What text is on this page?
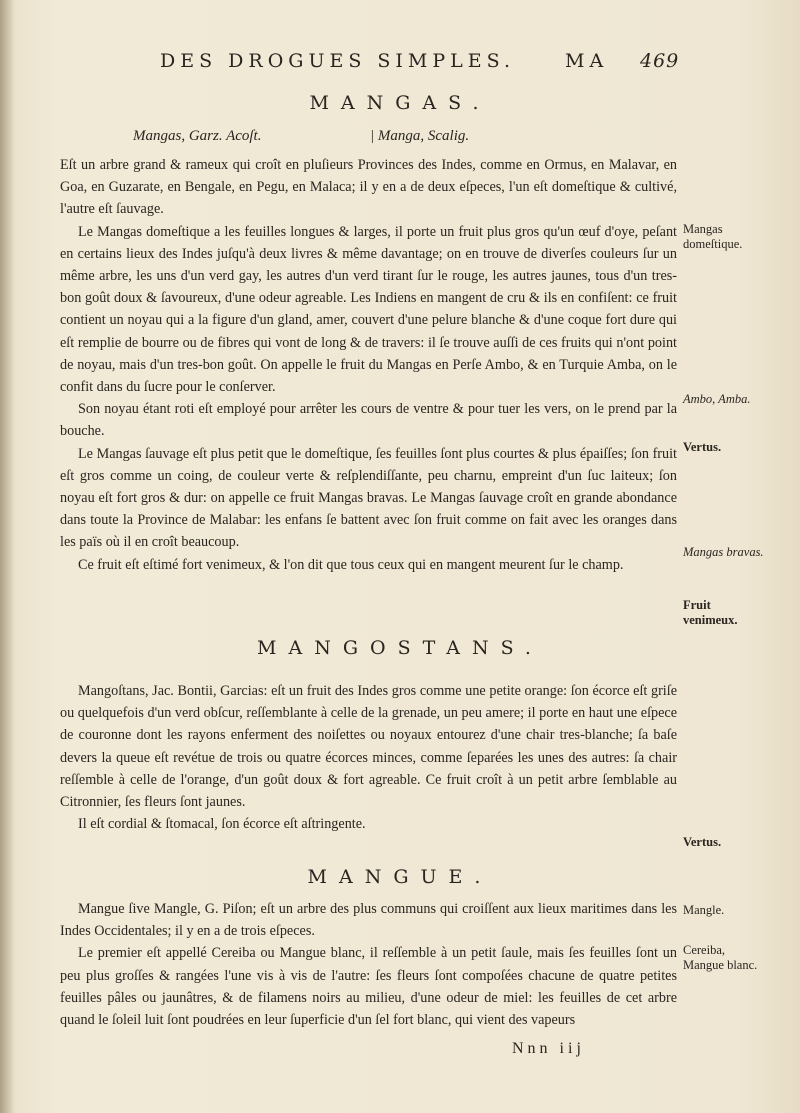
DES DROGUES SIMPLES.	MA 469
MANGAS.
Mangas, Garz. Acoſt.	| Manga, Scalig.

Eſt un arbre grand & rameux qui croît en pluſieurs Provinces des Indes, comme en Ormus, en Malavar, en Goa, en Guzarate, en Bengale, en Pegu, en Malaca; il y en a de deux eſpeces, l'un eſt domeſtique & cultivé, l'autre eſt ſauvage.

Le Mangas domeſtique a les feuilles longues & larges, il porte un fruit plus gros qu'un œuf d'oye, peſant en certains lieux des Indes juſqu'à deux livres & même davantage; on en trouve de diverſes couleurs ſur un même arbre, les uns d'un verd gay, les autres d'un verd tirant ſur le rouge, les autres jaunes, tous d'un tres-bon goût doux & ſavoureux, d'une odeur agreable. Les Indiens en mangent de cru & ils en confiſent: ce fruit contient un noyau qui a la figure d'un gland, amer, couvert d'une pelure blanche & d'une coque fort dure qui eſt remplie de bourre ou de fibres qui vont de long & de travers: il ſe trouve auſſi de ces fruits qui n'ont point de noyau, mais d'un tres-bon goût. On appelle le fruit du Mangas en Perſe Ambo, & en Turquie Amba, on le confit dans du ſucre pour le conſerver.

Son noyau étant roti eſt employé pour arrêter les cours de ventre & pour tuer les vers, on le prend par la bouche.

Le Mangas ſauvage eſt plus petit que le domeſtique, ſes feuilles ſont plus courtes & plus épaiſſes; ſon fruit eſt gros comme un coing, de couleur verte & reſplendiſſante, peu charnu, empreint d'un ſuc laiteux; ſon noyau eſt fort gros & dur: on appelle ce fruit Mangas bravas. Le Mangas ſauvage croît en grande abondance dans toute la Province de Malabar: les enfans ſe battent avec ſon fruit comme on fait avec les oranges dans les païs où il en croît beaucoup.

Ce fruit eſt eſtimé fort venimeux, & l'on dit que tous ceux qui en mangent meurent ſur le champ.

MANGOSTANS.

Mangoſtans, Jac. Bontii, Garcias: eſt un fruit des Indes gros comme une petite orange: ſon écorce eſt griſe ou quelquefois d'un verd obſcur, reſſemblante à celle de la grenade, un peu amere; il porte en haut une eſpece de couronne dont les rayons enferment des noiſettes ou noyaux entourez d'une chair tres-blanche; ſa baſe devers la queue eſt revétue de trois ou quatre écorces minces, comme ſeparées les unes des autres: ſa chair reſſemble à celle de l'orange, d'un goût doux & fort agreable. Ce fruit croît à un petit arbre ſemblable au Citronnier, ſes fleurs ſont jaunes.

Il eſt cordial & ſtomacal, ſon écorce eſt aſtringente.

MANGUE.

Mangue ſive Mangle, G. Piſon; eſt un arbre des plus communs qui croiſſent aux lieux maritimes dans les Indes Occidentales; il y en a de trois eſpeces.

Le premier eſt appellé Cereiba ou Mangue blanc, il reſſemble à un petit ſaule, mais ſes feuilles ſont un peu plus groſſes & rangées l'une vis à vis de l'autre: ſes fleurs ſont compoſées chacune de quatre petites feuilles pâles ou jaunâtres, & de filamens noirs au milieu, d'une odeur de miel: les feuilles de cet arbre quand le ſoleil luit ſont poudrées en leur ſuperficie d'un ſel fort blanc, qui vient des vapeurs

Mangas domeſtique.
Ambo, Amba.
Vertus.
Mangas bravas.
Fruit venimeux.
Vertus.
Mangle.
Cereiba, Mangue blanc.
Nnn iij
